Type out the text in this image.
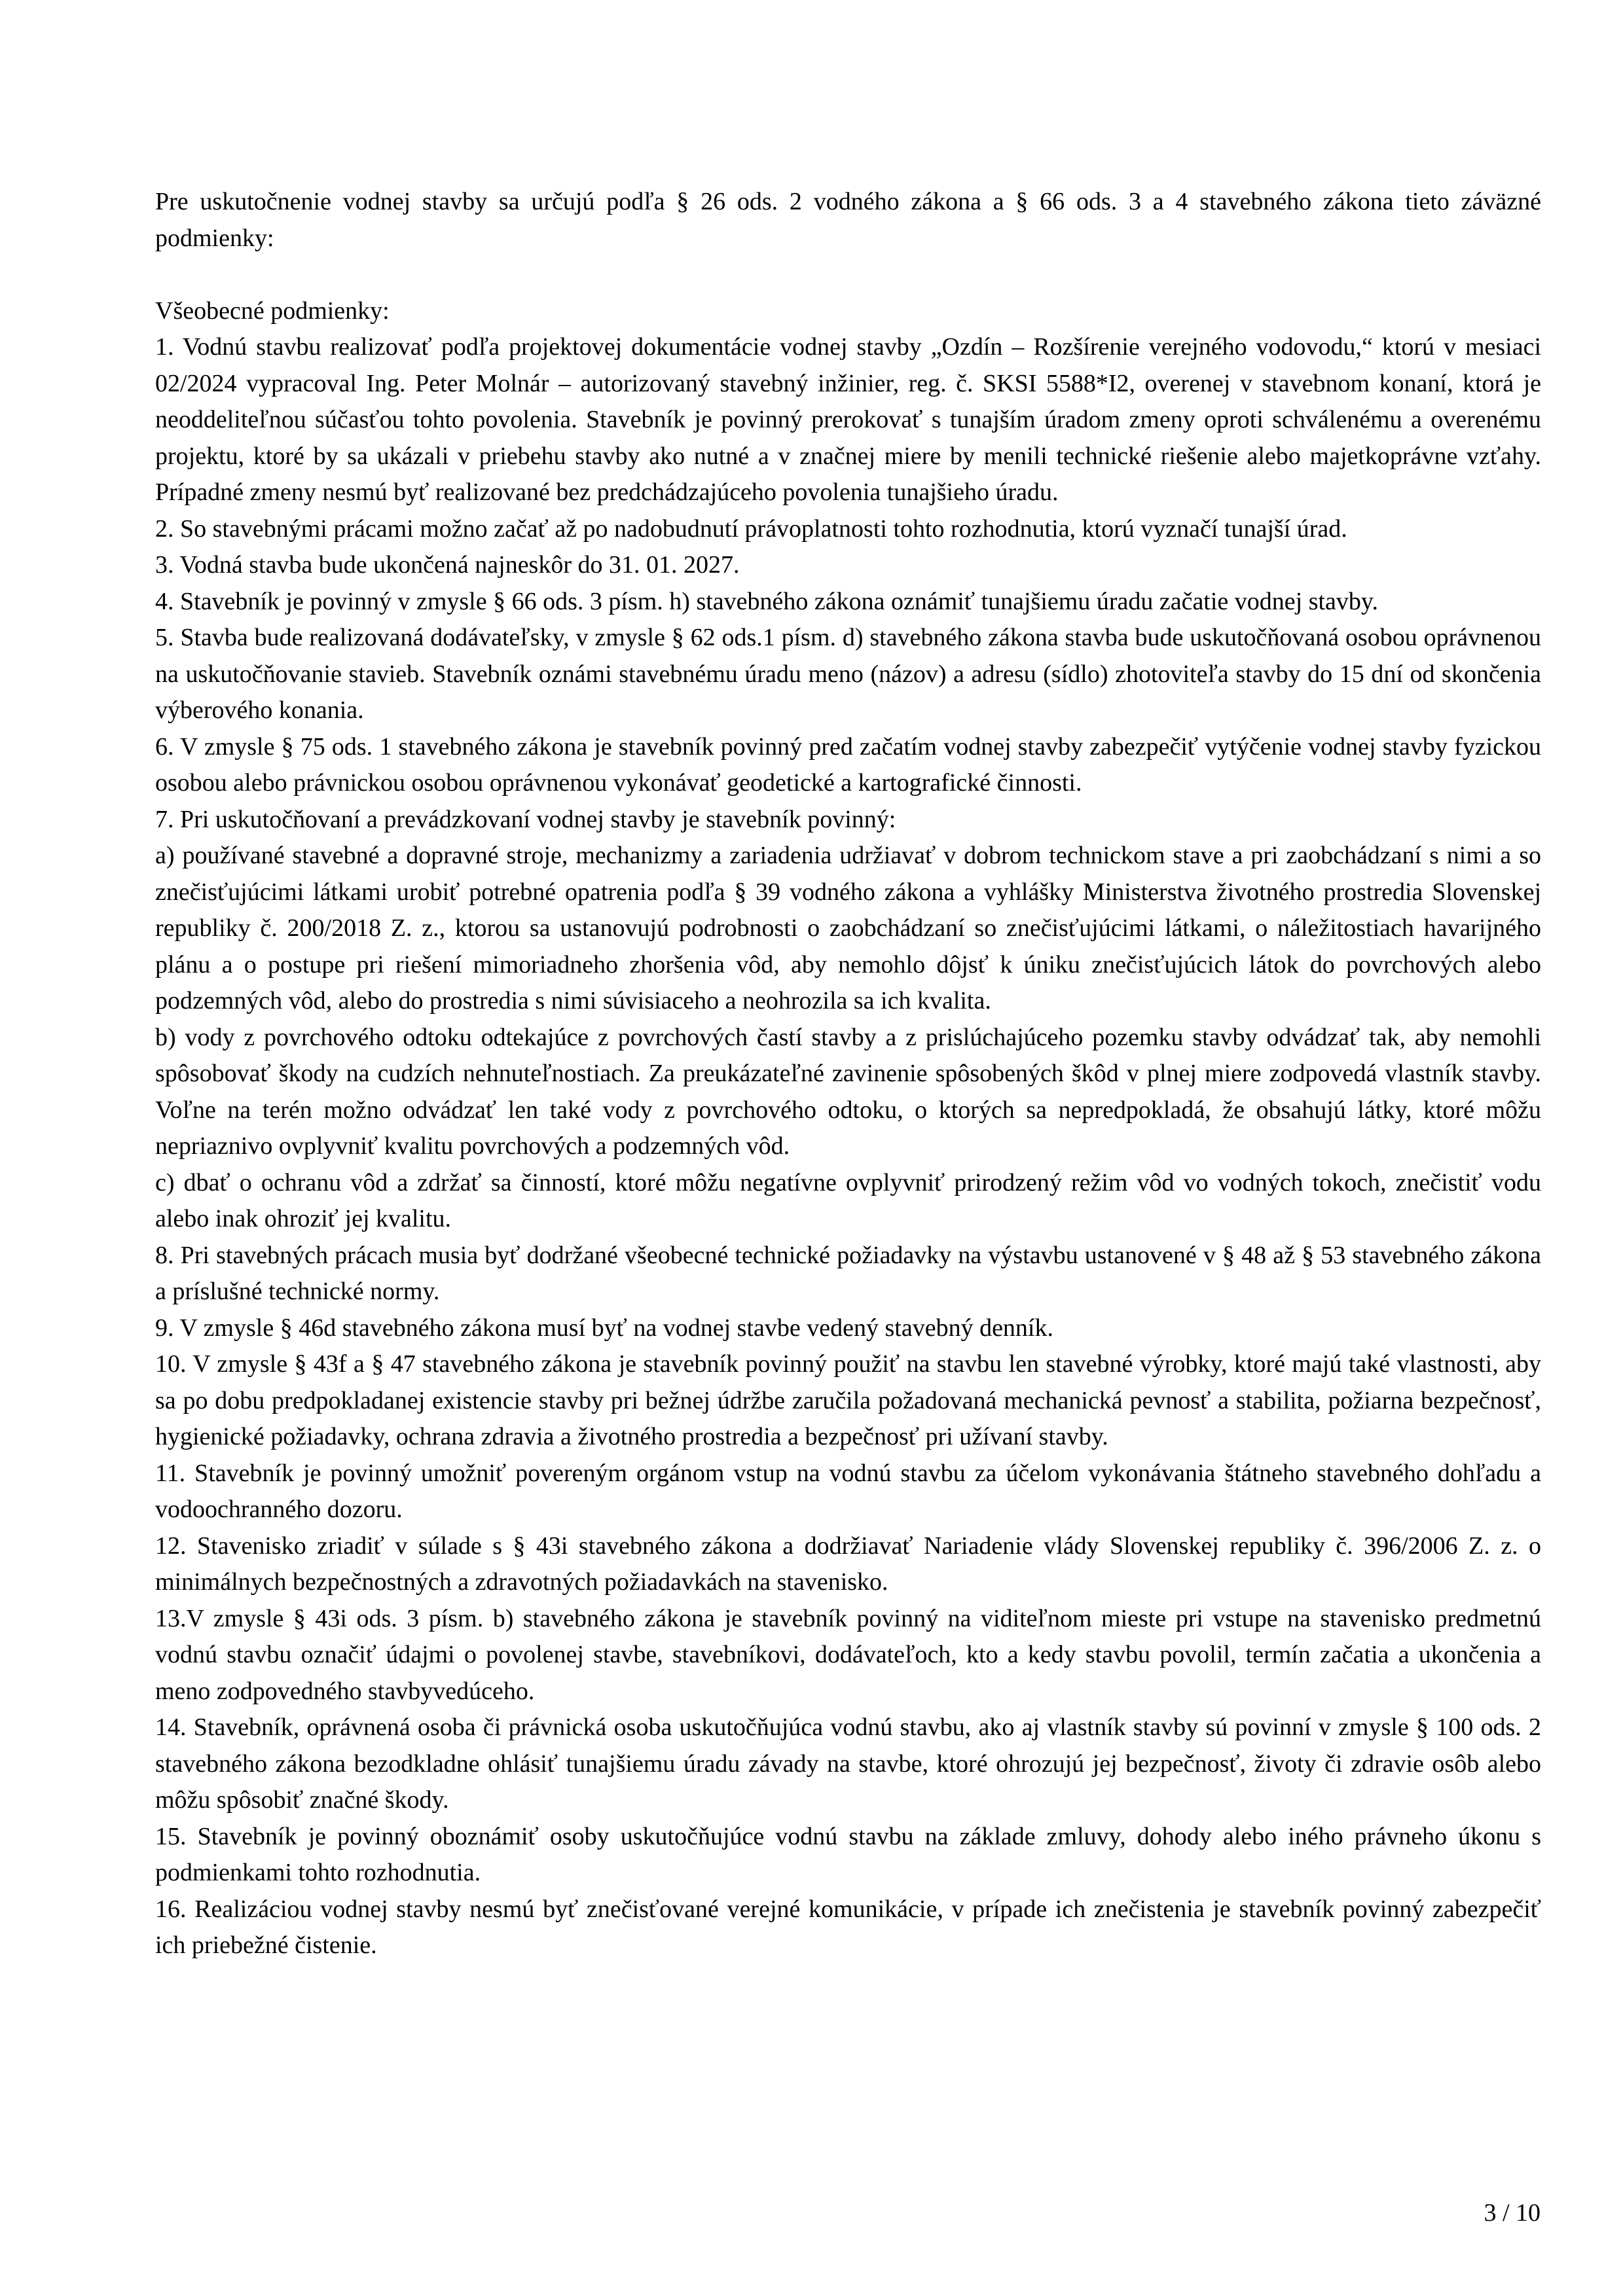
Pre uskutočnenie vodnej stavby sa určujú podľa § 26 ods. 2 vodného zákona a § 66 ods. 3 a 4 stavebného zákona tieto záväzné podmienky:

Všeobecné podmienky:

1. Vodnú stavbu realizovať podľa projektovej dokumentácie vodnej stavby „Ozdín – Rozšírenie verejného vodovodu,“ ktorú v mesiaci 02/2024 vypracoval Ing. Peter Molnár – autorizovaný stavebný inžinier, reg. č. SKSI 5588*I2, overenej v stavebnom konaní, ktorá je neoddeliteľnou súčasťou tohto povolenia. Stavebník je povinný prerokovať s tunajším úradom zmeny oproti schválenému a overenému projektu, ktoré by sa ukázali v priebehu stavby ako nutné a v značnej miere by menili technické riešenie alebo majetkoprávne vzťahy. Prípadné zmeny nesmú byť realizované bez predchádzajúceho povolenia tunajšieho úradu.

2. So stavebnými prácami možno začať až po nadobudnutí právoplatnosti tohto rozhodnutia, ktorú vyznačí tunajší úrad.

3. Vodná stavba bude ukončená najneskôr do 31. 01. 2027.

4. Stavebník je povinný v zmysle § 66 ods. 3 písm. h) stavebného zákona oznámiť tunajšiemu úradu začatie vodnej stavby.

5. Stavba bude realizovaná dodávateľsky, v zmysle § 62 ods.1 písm. d) stavebného zákona stavba bude uskutočňovaná osobou oprávnenou na uskutočňovanie stavieb. Stavebník oznámi stavebnému úradu meno (názov) a adresu (sídlo) zhotoviteľa stavby do 15 dní od skončenia výberového konania.

6. V zmysle § 75 ods. 1 stavebného zákona je stavebník povinný pred začatím vodnej stavby zabezpečiť vytýčenie vodnej stavby fyzickou osobou alebo právnickou osobou oprávnenou vykonávať geodetické a kartografické činnosti.

7. Pri uskutočňovaní a prevádzkovaní vodnej stavby je stavebník povinný:

a) používané stavebné a dopravné stroje, mechanizmy a zariadenia udržiavať v dobrom technickom stave a pri zaobchádzaní s nimi a so znečisťujúcimi látkami urobiť potrebné opatrenia podľa § 39 vodného zákona a vyhlášky Ministerstva životného prostredia Slovenskej republiky č. 200/2018 Z. z., ktorou sa ustanovujú podrobnosti o zaobchádzaní so znečisťujúcimi látkami, o náležitostiach havarijného plánu a o postupe pri riešení mimoriadneho zhoršenia vôd, aby nemohlo dôjsť k úniku znečisťujúcich látok do povrchových alebo podzemných vôd, alebo do prostredia s nimi súvisiaceho a neohrozila sa ich kvalita.

b) vody z povrchového odtoku odtekajúce z povrchových častí stavby a z prislúchajúceho pozemku stavby odvádzať tak, aby nemohli spôsobovať škody na cudzích nehnuteľnostiach. Za preukázateľné zavinenie spôsobených škôd v plnej miere zodpovedá vlastník stavby. Voľne na terén možno odvádzať len také vody z povrchového odtoku, o ktorých sa nepredpokladá, že obsahujú látky, ktoré môžu nepriaznivo ovplyvniť kvalitu povrchových a podzemných vôd.

c) dbať o ochranu vôd a zdržať sa činností, ktoré môžu negatívne ovplyvniť prirodzený režim vôd vo vodných tokoch, znečistiť vodu alebo inak ohroziť jej kvalitu.

8. Pri stavebných prácach musia byť dodržané všeobecné technické požiadavky na výstavbu ustanovené v § 48 až § 53 stavebného zákona a príslušné technické normy.

9. V zmysle § 46d stavebného zákona musí byť na vodnej stavbe vedený stavebný denník.

10. V zmysle § 43f a § 47 stavebného zákona je stavebník povinný použiť na stavbu len stavebné výrobky, ktoré majú také vlastnosti, aby sa po dobu predpokladanej existencie stavby pri bežnej údržbe zaručila požadovaná mechanická pevnosť a stabilita, požiarna bezpečnosť, hygienické požiadavky, ochrana zdravia a životného prostredia a bezpečnosť pri užívaní stavby.

11. Stavebník je povinný umožniť povereným orgánom vstup na vodnú stavbu za účelom vykonávania štátneho stavebného dohľadu a vodoochranného dozoru.

12. Stavenisko zriadiť v súlade s § 43i stavebného zákona a dodržiavať Nariadenie vlády Slovenskej republiky č. 396/2006 Z. z. o minimálnych bezpečnostných a zdravotných požiadavkách na stavenisko.

13.V zmysle § 43i ods. 3 písm. b) stavebného zákona je stavebník povinný na viditeľnom mieste pri vstupe na stavenisko predmetnú vodnú stavbu označiť údajmi o povolenej stavbe, stavebníkovi, dodávateľoch, kto a kedy stavbu povolil, termín začatia a ukončenia a meno zodpovedného stavbyvedúceho.

14. Stavebník, oprávnená osoba či právnická osoba uskutočňujúca vodnú stavbu, ako aj vlastník stavby sú povinní v zmysle § 100 ods. 2 stavebného zákona bezodkladne ohlásiť tunajšiemu úradu závady na stavbe, ktoré ohrozujú jej bezpečnosť, životy či zdravie osôb alebo môžu spôsobiť značné škody.

15. Stavebník je povinný oboznámiť osoby uskutočňujúce vodnú stavbu na základe zmluvy, dohody alebo iného právneho úkonu s podmienkami tohto rozhodnutia.

16. Realizáciou vodnej stavby nesmú byť znečisťované verejné komunikácie, v prípade ich znečistenia je stavebník povinný zabezpečiť ich priebežné čistenie.

3 / 10
